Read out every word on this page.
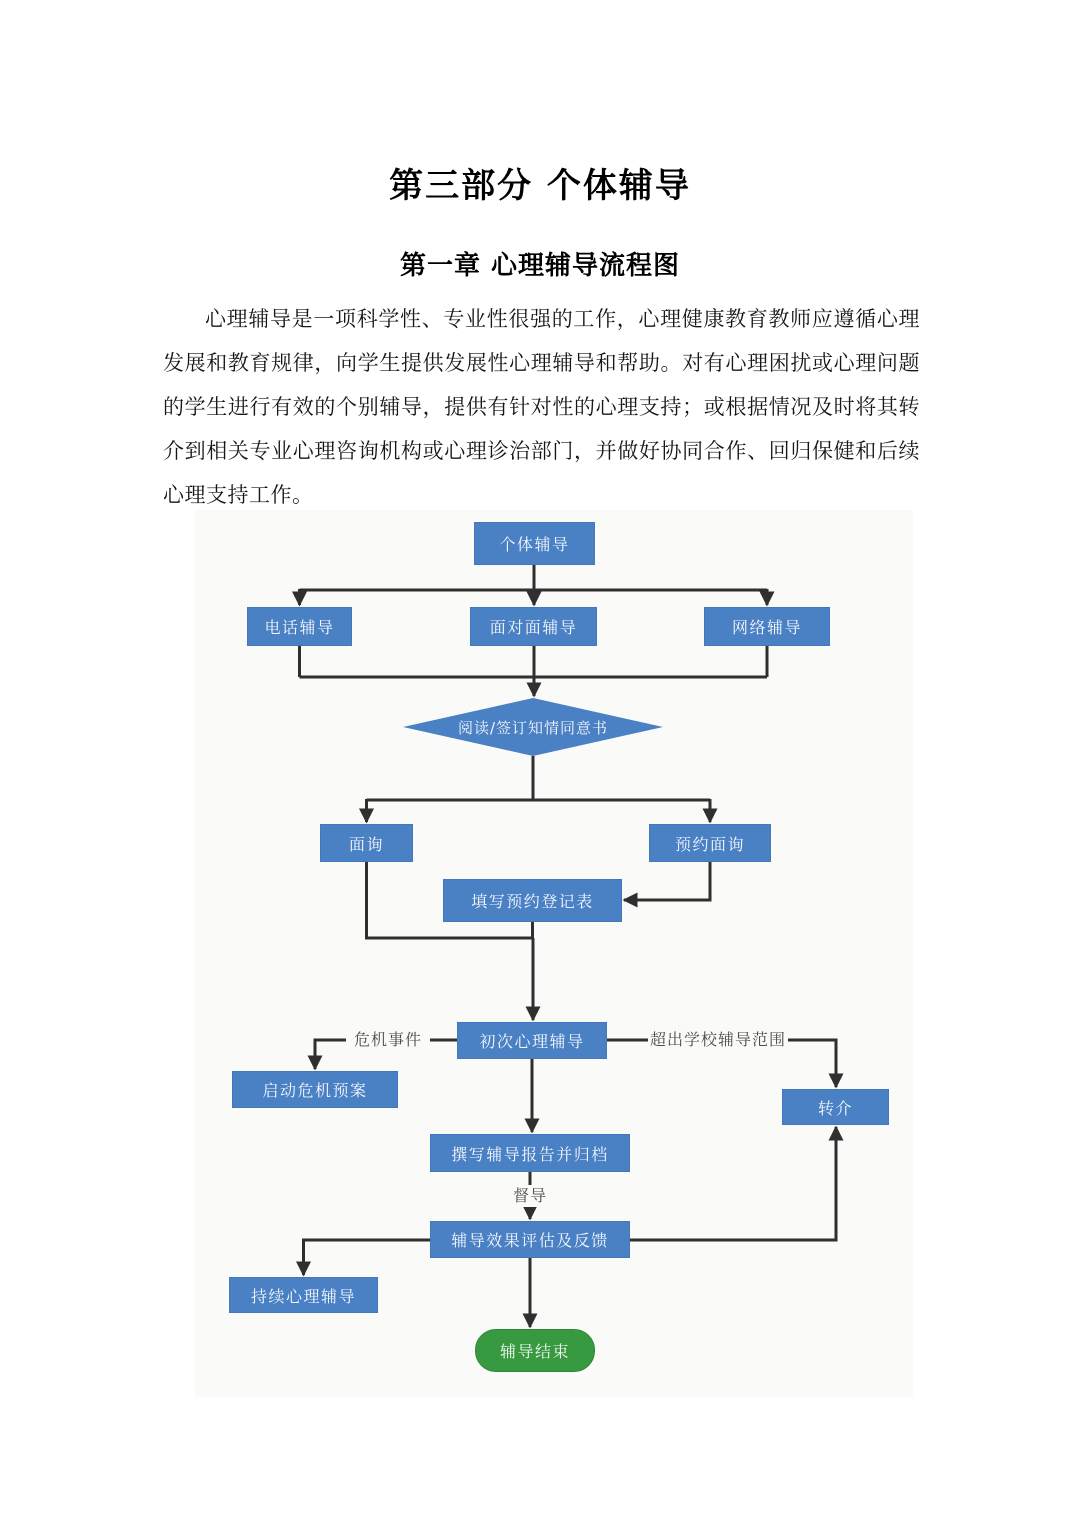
第三部分 个体辅导
第一章 心理辅导流程图

心理辅导是一项科学性、专业性很强的工作，心理健康教育教师应遵循心理发展和教育规律，向学生提供发展性心理辅导和帮助。对有心理困扰或心理问题的学生进行有效的个别辅导，提供有针对性的心理支持；或根据情况及时将其转介到相关专业心理咨询机构或心理诊治部门，并做好协同合作、回归保健和后续心理支持工作。

个体辅导
电话辅导	面对面辅导	网络辅导
阅读/签订知情同意书
面询	预约面询
填写预约登记表
初次心理辅导
启动危机预案
转介
撰写辅导报告并归档
辅导效果评估及反馈
持续心理辅导
辅导结束
危机事件	超出学校辅导范围
督导
